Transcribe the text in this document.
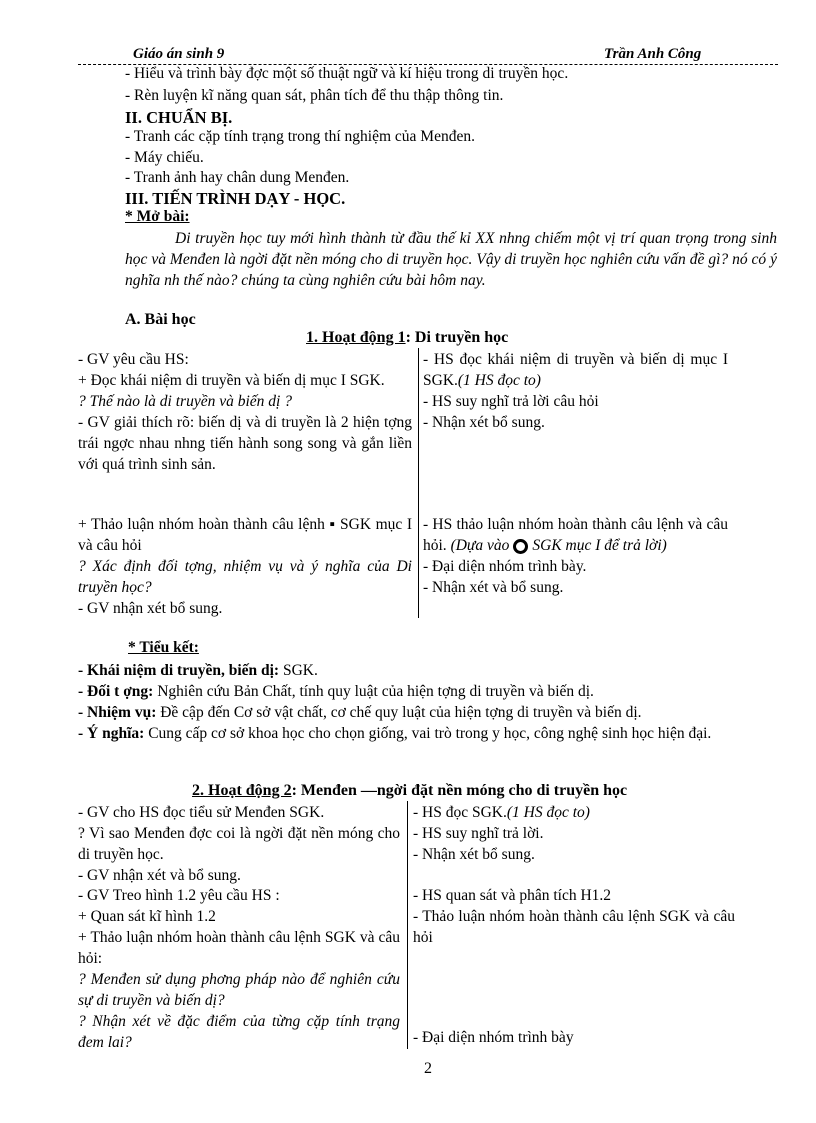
Giáo án sinh 9	Trần Anh Công
- Hiểu và trình bày đợc một số thuật ngữ và kí hiệu trong di truyền học.
- Rèn luyện kĩ năng quan sát, phân tích để thu thập thông tin.
II. CHUẨN BỊ.
- Tranh các cặp tính trạng trong thí nghiệm của Menđen.
- Máy chiếu.
- Tranh ảnh hay chân dung Menđen.
III. TIẾN TRÌNH DẠY - HỌC.
* Mở bài:

Di truyền học tuy mới hình thành từ đầu thế kỉ XX nhng chiếm một vị trí quan trọng trong sinh học và Menđen là ngời đặt nền móng cho di truyền học. Vậy di truyền học nghiên cứu vấn đề gì? nó có ý nghĩa nh thế nào? chúng ta cùng nghiên cứu bài hôm nay.

A. Bài học
1. Hoạt động 1: Di truyền học
- GV yêu cầu HS:
+ Đọc khái niệm di truyền và biến dị mục I SGK.
? Thế nào là di truyền và biến dị ?
- GV giải thích rõ: biến dị và di truyền là 2 hiện tợng trái ngợc nhau nhng tiến hành song song và gắn liền với quá trình sinh sản.
- HS đọc khái niệm di truyền và biến dị mục I SGK.(1 HS đọc to)
- HS suy nghĩ trả lời câu hỏi
- Nhận xét bổ sung.
+ Thảo luận nhóm hoàn thành câu lệnh ▪ SGK mục I và câu hỏi
? Xác định đối tợng, nhiệm vụ và ý nghĩa của Di truyền học?
- GV nhận xét bổ sung.
- HS thảo luận nhóm hoàn thành câu lệnh và câu hỏi. (Dựa vào SGK mục I để trả lời)
- Đại diện nhóm trình bày.
- Nhận xét và bổ sung.
* Tiểu kết:
- Khái niệm di truyền, biến dị: SGK.
- Đối t ợng: Nghiên cứu Bản Chất, tính quy luật của hiện tợng di truyền và biến dị.
- Nhiệm vụ: Đề cập đến Cơ sở vật chất, cơ chế quy luật của hiện tợng di truyền và biến dị.
- Ý nghĩa: Cung cấp cơ sở khoa học cho chọn giống, vai trò trong y học, công nghệ sinh học hiện đại.
2. Hoạt động 2: Menđen —ngời đặt nền móng cho di truyền học
- GV cho HS đọc tiểu sử Menđen SGK.
? Vì sao Menđen đợc coi là ngời đặt nền móng cho di truyền học.
- GV nhận xét và bổ sung.
- HS đọc SGK.(1 HS đọc to)
- HS suy nghĩ trả lời.
- Nhận xét bổ sung.
- GV Treo hình 1.2 yêu cầu HS :
+ Quan sát kĩ hình 1.2
+ Thảo luận nhóm hoàn thành câu lệnh SGK và câu hỏi:
? Menđen sử dụng phơng pháp nào để nghiên cứu sự di truyền và biến dị?
? Nhận xét về đặc điểm của từng cặp tính trạng đem lai?
- HS quan sát và phân tích H1.2
- Thảo luận nhóm hoàn thành câu lệnh SGK và câu hỏi
- Đại diện nhóm trình bày
2
